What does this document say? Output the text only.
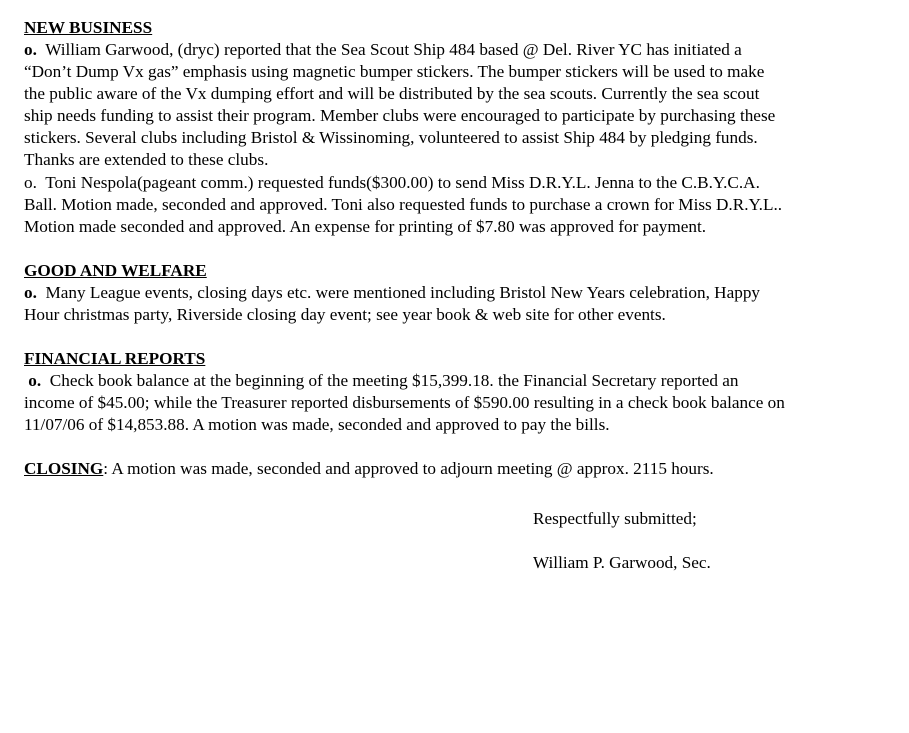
NEW BUSINESS
o. William Garwood, (dryc) reported that the Sea Scout Ship 484 based @ Del. River YC has initiated a
“Don’t Dump Vx gas” emphasis using magnetic bumper stickers. The bumper stickers will be used to make
the public aware of the Vx dumping effort and will be distributed by the sea scouts. Currently the sea scout
ship needs funding to assist their program. Member clubs were encouraged to participate by purchasing these
stickers. Several clubs including Bristol & Wissinoming, volunteered to assist Ship 484 by pledging funds.
Thanks are extended to these clubs.
o. Toni Nespola(pageant comm.) requested funds($300.00) to send Miss D.R.Y.L. Jenna to the C.B.Y.C.A.
Ball. Motion made, seconded and approved. Toni also requested funds to purchase a crown for Miss D.R.Y.L..
Motion made seconded and approved. An expense for printing of $7.80 was approved for payment.
GOOD AND WELFARE
o. Many League events, closing days etc. were mentioned including Bristol New Years celebration, Happy
Hour christmas party, Riverside closing day event; see year book & web site for other events.
FINANCIAL REPORTS
o. Check book balance at the beginning of the meeting $15,399.18. the Financial Secretary reported an
income of $45.00; while the Treasurer reported disbursements of $590.00 resulting in a check book balance on
11/07/06 of $14,853.88. A motion was made, seconded and approved to pay the bills.
CLOSING: A motion was made, seconded and approved to adjourn meeting @ approx. 2115 hours.
Respectfully submitted;
William P. Garwood, Sec.
